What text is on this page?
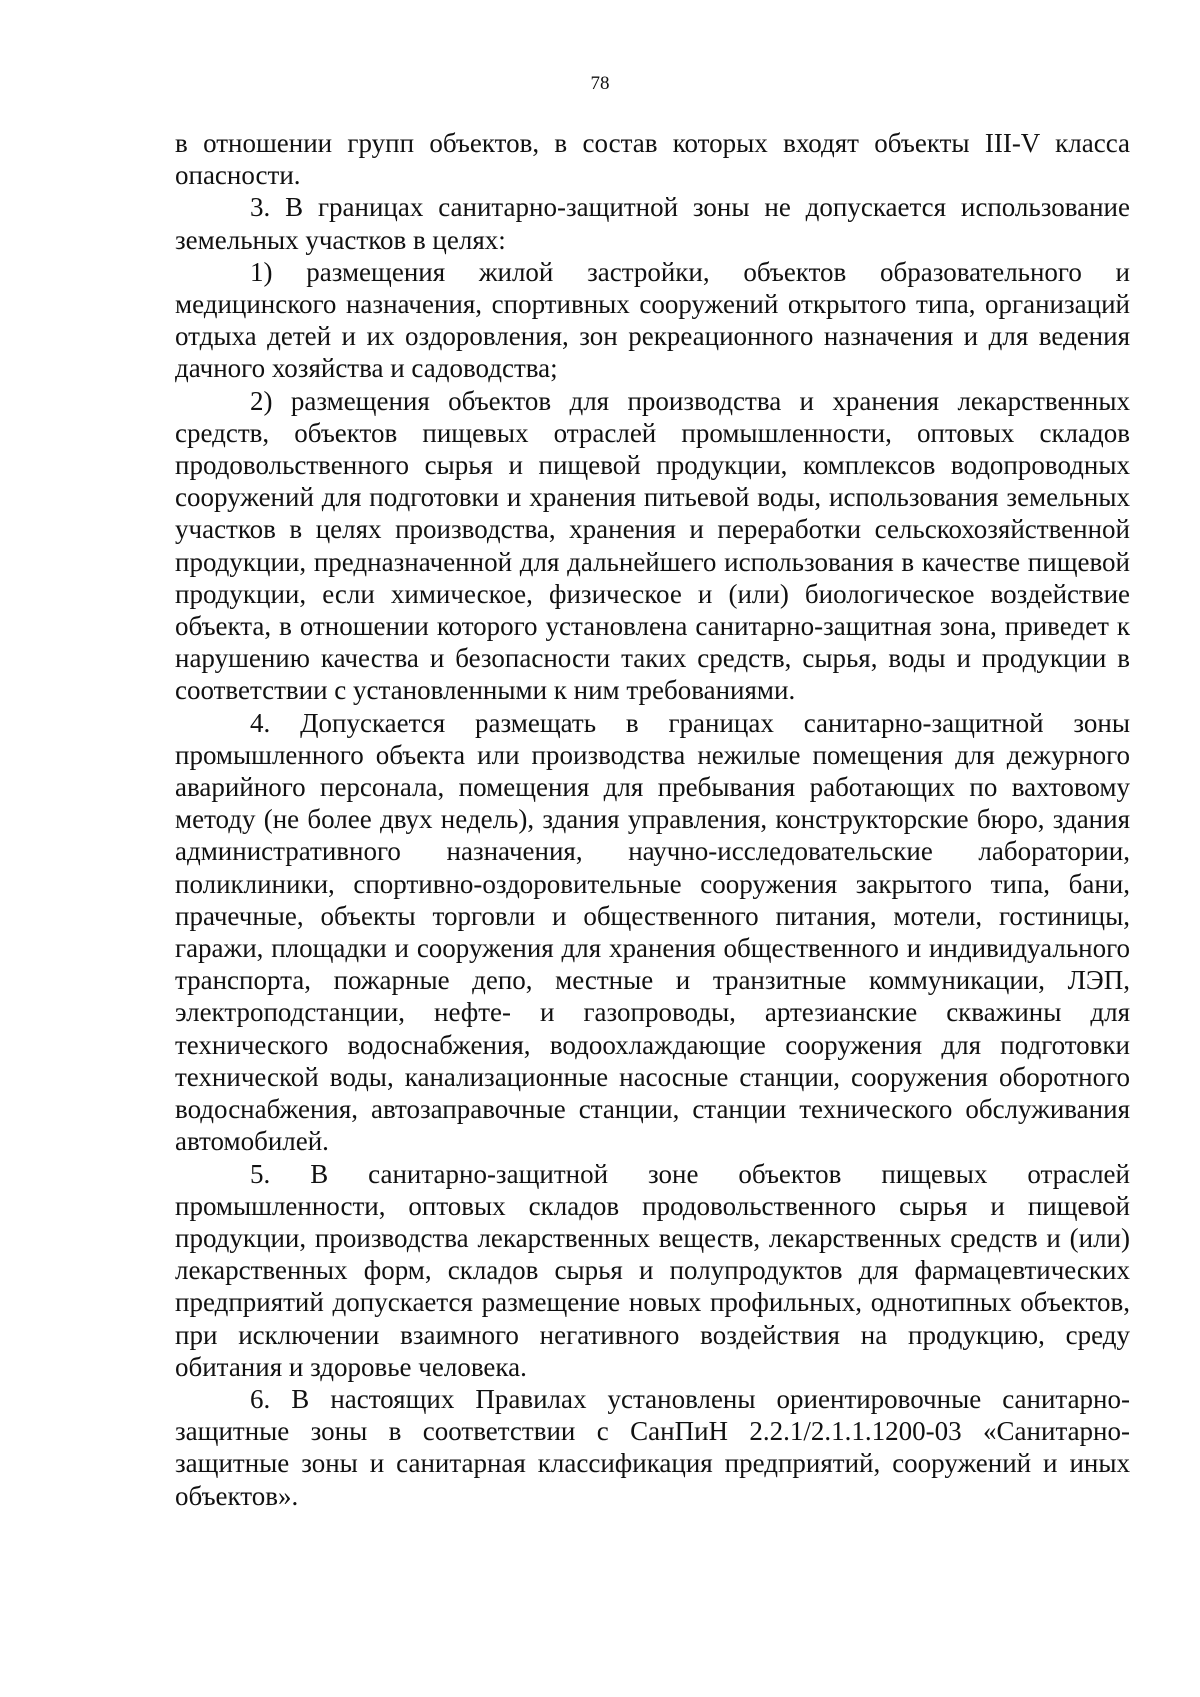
78

в отношении групп объектов, в состав которых входят объекты III-V класса опасности.

3. В границах санитарно-защитной зоны не допускается использование земельных участков в целях:

1) размещения жилой застройки, объектов образовательного и медицинского назначения, спортивных сооружений открытого типа, организаций отдыха детей и их оздоровления, зон рекреационного назначения и для ведения дачного хозяйства и садоводства;

2) размещения объектов для производства и хранения лекарственных средств, объектов пищевых отраслей промышленности, оптовых складов продовольственного сырья и пищевой продукции, комплексов водопроводных сооружений для подготовки и хранения питьевой воды, использования земельных участков в целях производства, хранения и переработки сельскохозяйственной продукции, предназначенной для дальнейшего использования в качестве пищевой продукции, если химическое, физическое и (или) биологическое воздействие объекта, в отношении которого установлена санитарно-защитная зона, приведет к нарушению качества и безопасности таких средств, сырья, воды и продукции в соответствии с установленными к ним требованиями.

4. Допускается размещать в границах санитарно-защитной зоны промышленного объекта или производства нежилые помещения для дежурного аварийного персонала, помещения для пребывания работающих по вахтовому методу (не более двух недель), здания управления, конструкторские бюро, здания административного назначения, научно-исследовательские лаборатории, поликлиники, спортивно-оздоровительные сооружения закрытого типа, бани, прачечные, объекты торговли и общественного питания, мотели, гостиницы, гаражи, площадки и сооружения для хранения общественного и индивидуального транспорта, пожарные депо, местные и транзитные коммуникации, ЛЭП, электроподстанции, нефте- и газопроводы, артезианские скважины для технического водоснабжения, водоохлаждающие сооружения для подготовки технической воды, канализационные насосные станции, сооружения оборотного водоснабжения, автозаправочные станции, станции технического обслуживания автомобилей.

5. В санитарно-защитной зоне объектов пищевых отраслей промышленности, оптовых складов продовольственного сырья и пищевой продукции, производства лекарственных веществ, лекарственных средств и (или) лекарственных форм, складов сырья и полупродуктов для фармацевтических предприятий допускается размещение новых профильных, однотипных объектов, при исключении взаимного негативного воздействия на продукцию, среду обитания и здоровье человека.

6. В настоящих Правилах установлены ориентировочные санитарно-защитные зоны в соответствии с СанПиН 2.2.1/2.1.1.1200-03 «Санитарно-защитные зоны и санитарная классификация предприятий, сооружений и иных объектов».
